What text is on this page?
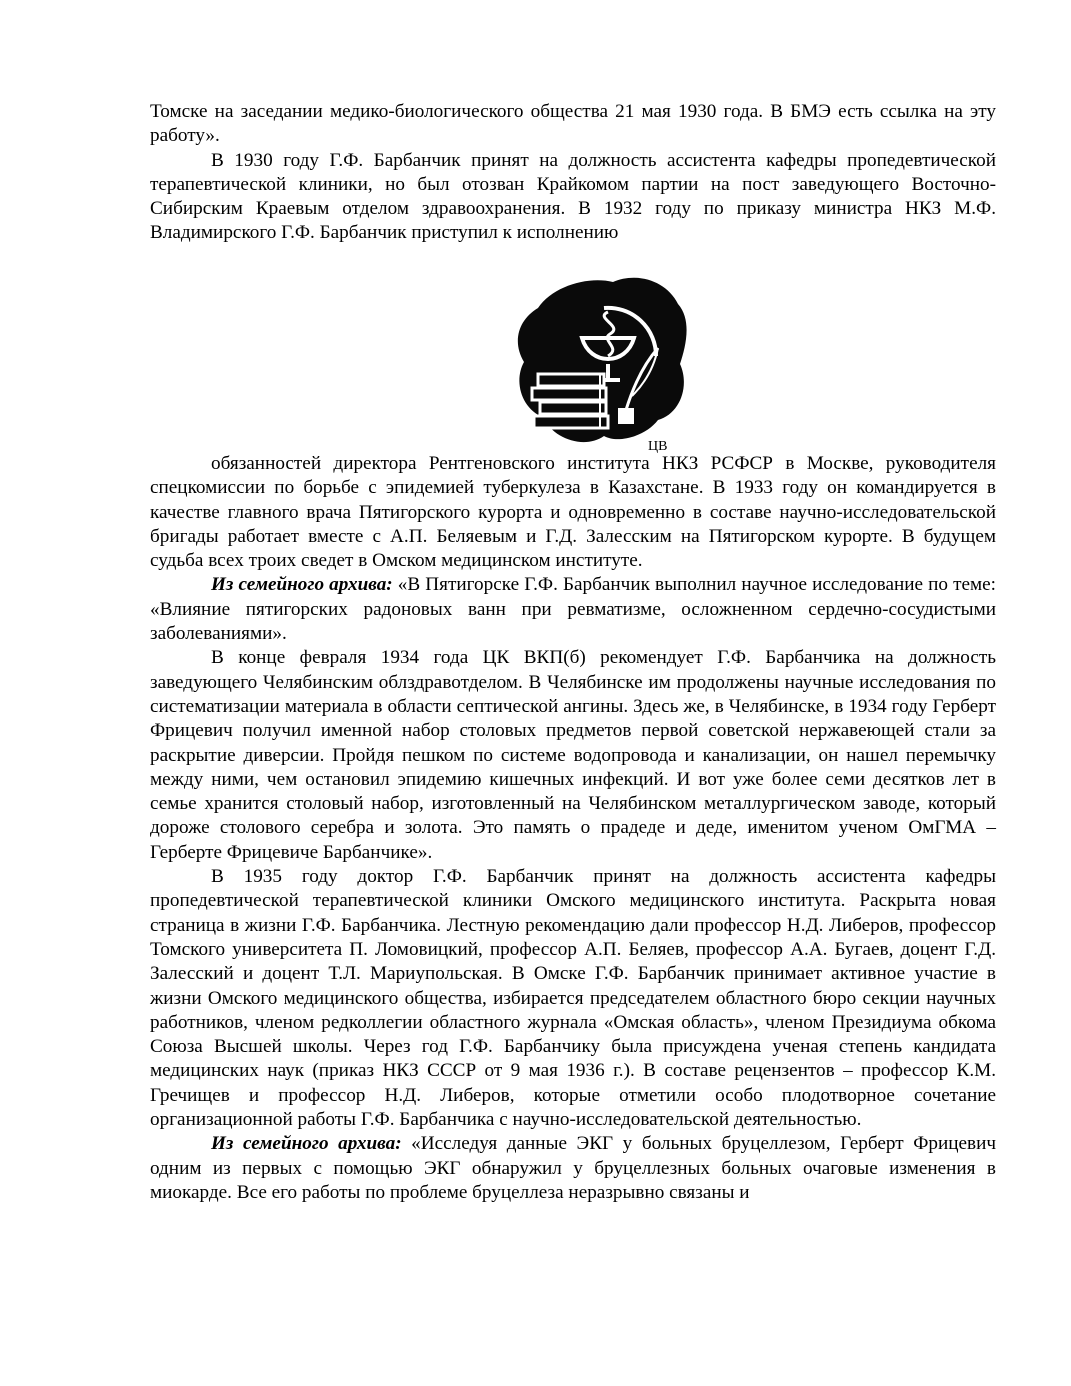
Томске на заседании медико-биологического общества 21 мая 1930 года. В БМЭ есть ссылка на эту работу».

В 1930 году Г.Ф. Барбанчик принят на должность ассистента кафедры пропедевтической терапевтической клиники, но был отозван Крайкомом партии на пост заведующего Восточно-Сибирским Краевым отделом здравоохранения. В 1932 году по приказу министра НКЗ М.Ф. Владимирского Г.Ф. Барбанчик приступил к исполнению

ЦВ

обязанностей директора Рентгеновского института НКЗ РСФСР в Москве, руководителя спецкомиссии по борьбе с эпидемией туберкулеза в Казахстане. В 1933 году он командируется в качестве главного врача Пятигорского курорта и одновременно в составе научно-исследовательской бригады работает вместе с А.П. Беляевым и Г.Д. Залесским на Пятигорском курорте. В будущем судьба всех троих сведет в Омском медицинском институте.

Из семейного архива: «В Пятигорске Г.Ф. Барбанчик выполнил научное исследование по теме: «Влияние пятигорских радоновых ванн при ревматизме, осложненном сердечно-сосудистыми заболеваниями».

В конце февраля 1934 года ЦК ВКП(б) рекомендует Г.Ф. Барбанчика на должность заведующего Челябинским облздравотделом. В Челябинске им продолжены научные исследования по систематизации материала в области септической ангины. Здесь же, в Челябинске, в 1934 году Герберт Фрицевич получил именной набор столовых предметов первой советской нержавеющей стали за раскрытие диверсии. Пройдя пешком по системе водопровода и канализации, он нашел перемычку между ними, чем остановил эпидемию кишечных инфекций. И вот уже более семи десятков лет в семье хранится столовый набор, изготовленный на Челябинском металлургическом заводе, который дороже столового серебра и золота. Это память о прадеде и деде, именитом ученом ОмГМА – Герберте Фрицевиче Барбанчике».

В 1935 году доктор Г.Ф. Барбанчик принят на должность ассистента кафедры пропедевтической терапевтической клиники Омского медицинского института. Раскрыта новая страница в жизни Г.Ф. Барбанчика. Лестную рекомендацию дали профессор Н.Д. Либеров, профессор Томского университета П. Ломовицкий, профессор А.П. Беляев, профессор А.А. Бугаев, доцент Г.Д. Залесский и доцент Т.Л. Мариупольская. В Омске Г.Ф. Барбанчик принимает активное участие в жизни Омского медицинского общества, избирается председателем областного бюро секции научных работников, членом редколлегии областного журнала «Омская область», членом Президиума обкома Союза Высшей школы. Через год Г.Ф. Барбанчику была присуждена ученая степень кандидата медицинских наук (приказ НКЗ СССР от 9 мая 1936 г.). В составе рецензентов – профессор К.М. Гречищев и профессор Н.Д. Либеров, которые отметили особо плодотворное сочетание организационной работы Г.Ф. Барбанчика с научно-исследовательской деятельностью.

Из семейного архива: «Исследуя данные ЭКГ у больных бруцеллезом, Герберт Фрицевич одним из первых с помощью ЭКГ обнаружил у бруцеллезных больных очаговые изменения в миокарде. Все его работы по проблеме бруцеллеза неразрывно связаны и
